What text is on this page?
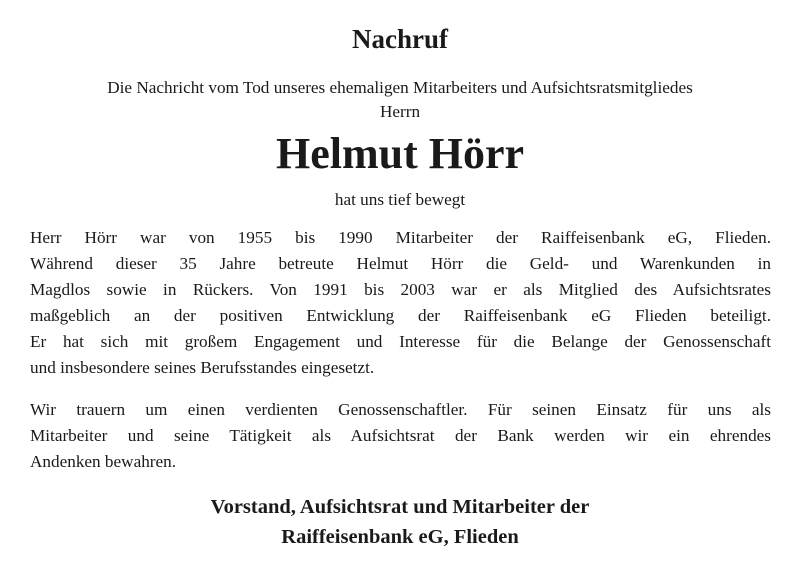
Nachruf
Die Nachricht vom Tod unseres ehemaligen Mitarbeiters und Aufsichtsratsmitgliedes
Herrn
Helmut Hörr
hat uns tief bewegt
Herr Hörr war von 1955 bis 1990 Mitarbeiter der Raiffeisenbank eG, Flieden.
Während dieser 35 Jahre betreute Helmut Hörr die Geld- und Warenkunden in
Magdlos sowie in Rückers. Von 1991 bis 2003 war er als Mitglied des Aufsichtsrates
maßgeblich an der positiven Entwicklung der Raiffeisenbank eG Flieden beteiligt.
Er hat sich mit großem Engagement und Interesse für die Belange der Genossenschaft
und insbesondere seines Berufsstandes eingesetzt.
Wir trauern um einen verdienten Genossenschaftler. Für seinen Einsatz für uns als
Mitarbeiter und seine Tätigkeit als Aufsichtsrat der Bank werden wir ein ehrendes
Andenken bewahren.
Vorstand, Aufsichtsrat und Mitarbeiter der
Raiffeisenbank eG, Flieden
